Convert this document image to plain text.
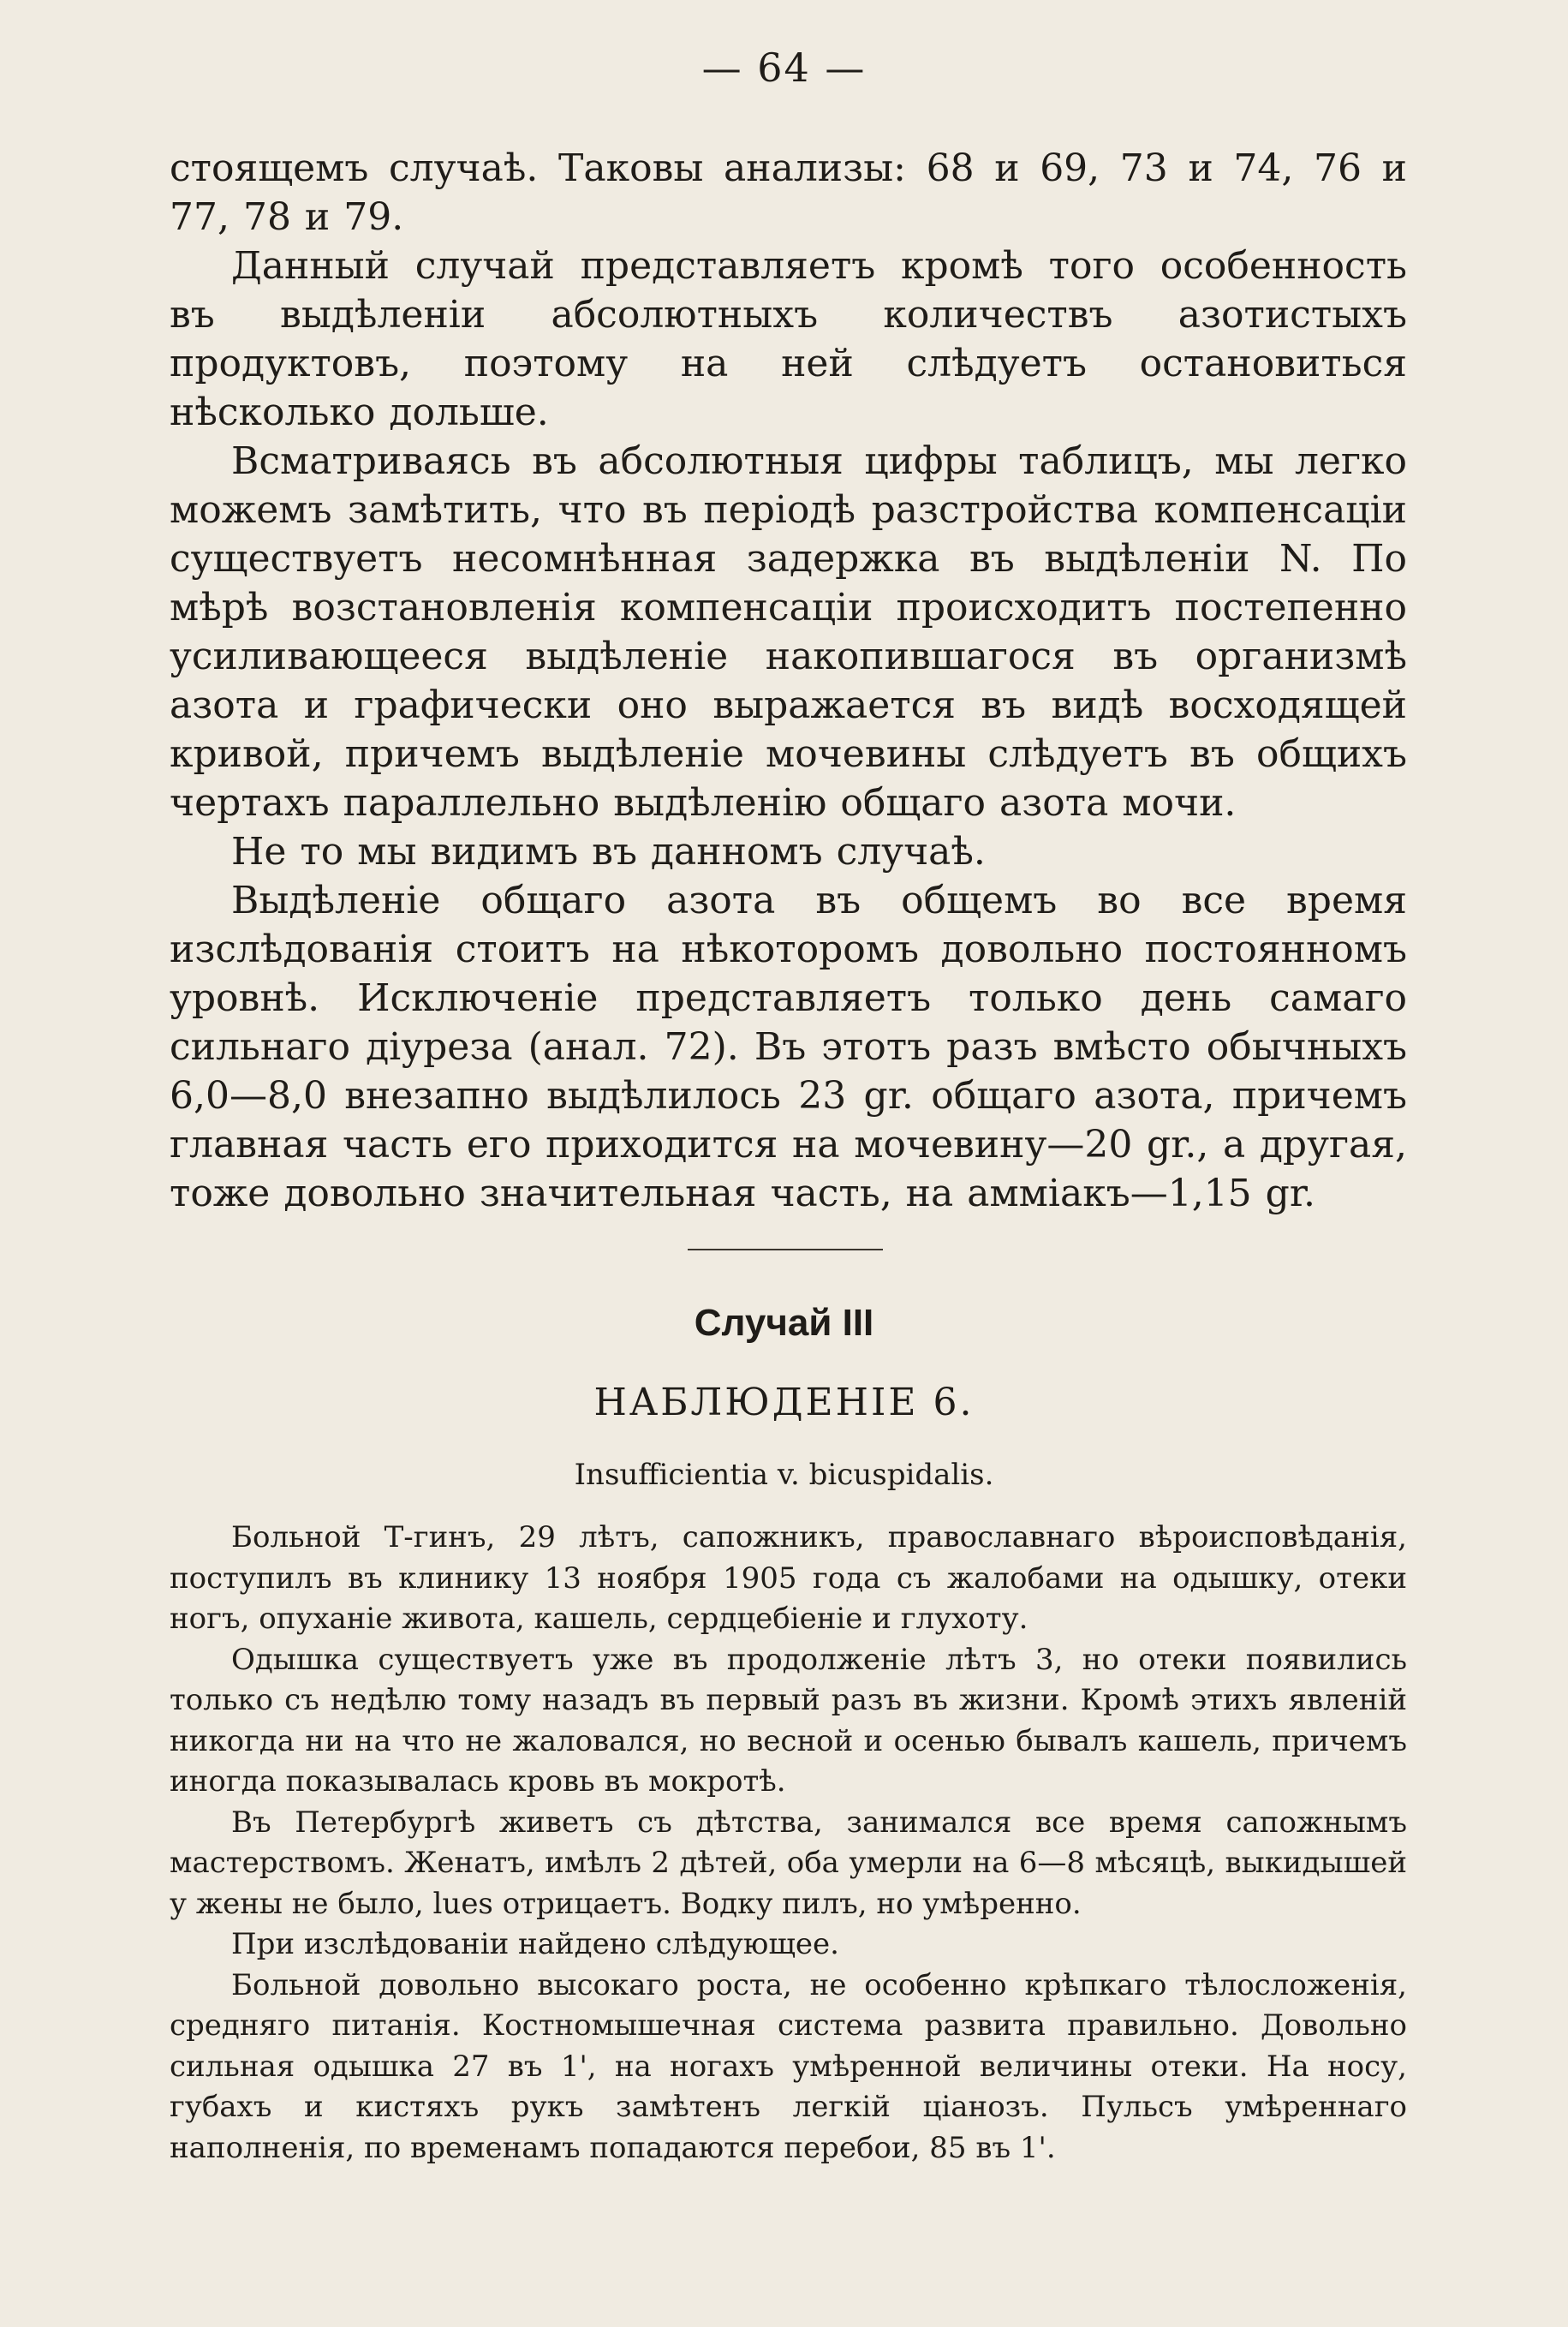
— 64 —

стоящемъ случаѣ. Таковы анализы: 68 и 69, 73 и 74, 76 и 77, 78 и 79.

Данный случай представляетъ кромѣ того особенность въ выдѣленіи абсолютныхъ количествъ азотистыхъ продуктовъ, поэтому на ней слѣдуетъ остановиться нѣсколько дольше.

Всматриваясь въ абсолютныя цифры таблицъ, мы легко можемъ замѣтить, что въ періодѣ разстройства компенсаціи существуетъ несомнѣнная задержка въ выдѣленіи N. По мѣрѣ возстановленія компенсаціи происходитъ постепенно усиливающееся выдѣленіе накопившагося въ организмѣ азота и графически оно выражается въ видѣ восходящей кривой, причемъ выдѣленіе мочевины слѣдуетъ въ общихъ чертахъ параллельно выдѣленію общаго азота мочи.

Не то мы видимъ въ данномъ случаѣ.

Выдѣленіе общаго азота въ общемъ во все время изслѣдованія стоитъ на нѣкоторомъ довольно постоянномъ уровнѣ. Исключеніе представляетъ только день самаго сильнаго діуреза (анал. 72). Въ этотъ разъ вмѣсто обычныхъ 6,0—8,0 внезапно выдѣлилось 23 gr. общаго азота, причемъ главная часть его приходится на мочевину—20 gr., а другая, тоже довольно значительная часть, на амміакъ—1,15 gr.

Случай III
НАБЛЮДЕНІЕ 6.
Insufficientia v. bicuspidalis.

Больной Т-гинъ, 29 лѣтъ, сапожникъ, православнаго вѣроисповѣданія, поступилъ въ клинику 13 ноября 1905 года съ жалобами на одышку, отеки ногъ, опуханіе живота, кашель, сердцебіеніе и глухоту.

Одышка существуетъ уже въ продолженіе лѣтъ 3, но отеки появились только съ недѣлю тому назадъ въ первый разъ въ жизни. Кромѣ этихъ явленій никогда ни на что не жаловался, но весной и осенью бывалъ кашель, причемъ иногда показывалась кровь въ мокротѣ.

Въ Петербургѣ живетъ съ дѣтства, занимался все время сапожнымъ мастерствомъ. Женатъ, имѣлъ 2 дѣтей, оба умерли на 6—8 мѣсяцѣ, выкидышей у жены не было, lues отрицаетъ. Водку пилъ, но умѣренно.

При изслѣдованіи найдено слѣдующее.

Больной довольно высокаго роста, не особенно крѣпкаго тѣлосложенія, средняго питанія. Костномышечная система развита правильно. Довольно сильная одышка 27 въ 1', на ногахъ умѣренной величины отеки. На носу, губахъ и кистяхъ рукъ замѣтенъ легкій ціанозъ. Пульсъ умѣреннаго наполненія, по временамъ попадаются перебои, 85 въ 1'.
